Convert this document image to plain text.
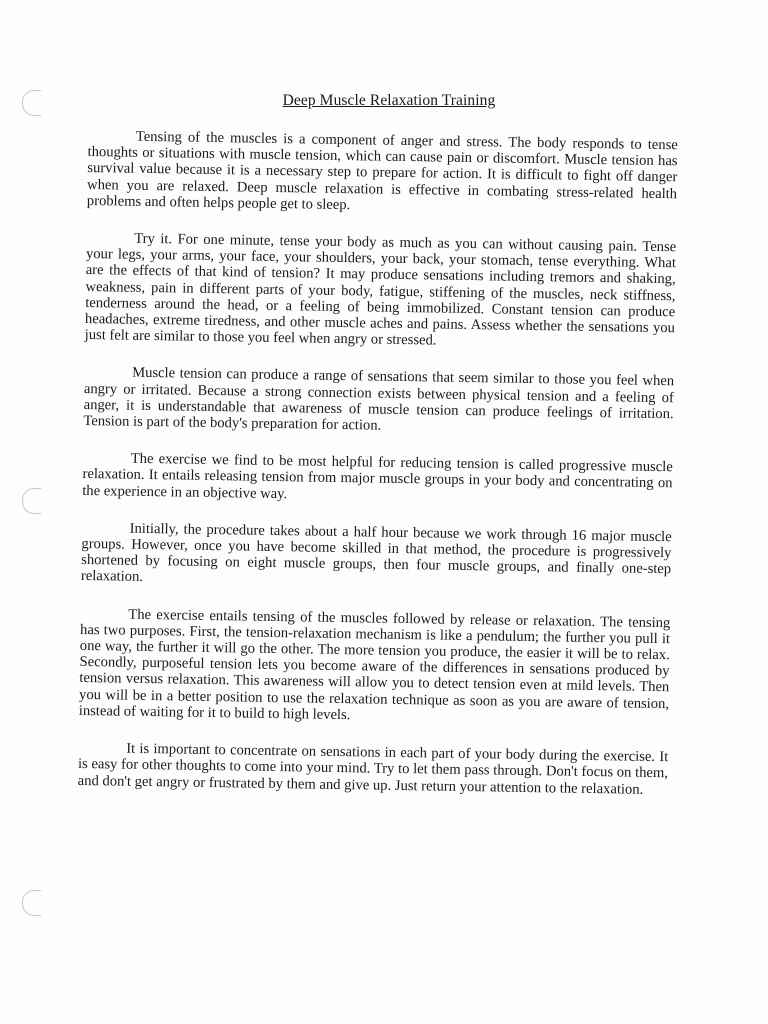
Deep Muscle Relaxation Training

Tensing of the muscles is a component of anger and stress. The body responds to tense thoughts or situations with muscle tension, which can cause pain or discomfort. Muscle tension has survival value because it is a necessary step to prepare for action. It is difficult to fight off danger when you are relaxed. Deep muscle relaxation is effective in combating stress-related health problems and often helps people get to sleep.

Try it. For one minute, tense your body as much as you can without causing pain. Tense your legs, your arms, your face, your shoulders, your back, your stomach, tense everything. What are the effects of that kind of tension? It may produce sensations including tremors and shaking, weakness, pain in different parts of your body, fatigue, stiffening of the muscles, neck stiffness, tenderness around the head, or a feeling of being immobilized. Constant tension can produce headaches, extreme tiredness, and other muscle aches and pains. Assess whether the sensations you just felt are similar to those you feel when angry or stressed.

Muscle tension can produce a range of sensations that seem similar to those you feel when angry or irritated. Because a strong connection exists between physical tension and a feeling of anger, it is understandable that awareness of muscle tension can produce feelings of irritation. Tension is part of the body's preparation for action.

The exercise we find to be most helpful for reducing tension is called progressive muscle relaxation. It entails releasing tension from major muscle groups in your body and concentrating on the experience in an objective way.

Initially, the procedure takes about a half hour because we work through 16 major muscle groups. However, once you have become skilled in that method, the procedure is progressively shortened by focusing on eight muscle groups, then four muscle groups, and finally one-step relaxation.

The exercise entails tensing of the muscles followed by release or relaxation. The tensing has two purposes. First, the tension-relaxation mechanism is like a pendulum; the further you pull it one way, the further it will go the other. The more tension you produce, the easier it will be to relax. Secondly, purposeful tension lets you become aware of the differences in sensations produced by tension versus relaxation. This awareness will allow you to detect tension even at mild levels. Then you will be in a better position to use the relaxation technique as soon as you are aware of tension, instead of waiting for it to build to high levels.

It is important to concentrate on sensations in each part of your body during the exercise. It is easy for other thoughts to come into your mind. Try to let them pass through. Don't focus on them, and don't get angry or frustrated by them and give up. Just return your attention to the relaxation.
